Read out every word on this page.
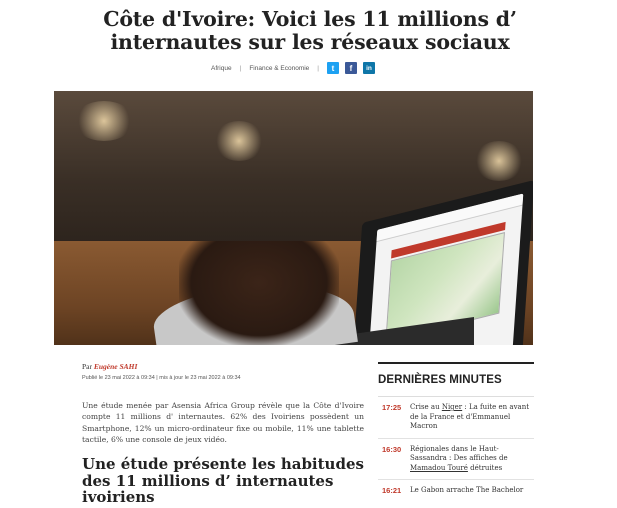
Côte d'Ivoire: Voici les 11 millions d’ internautes sur les réseaux sociaux
Afrique | Finance & Economie |	t	f	in
Par Eugène SAHI
Publié le 23 mai 2022 à 09:34 | mis à jour le 23 mai 2022 à 09:34

Une étude menée par Asensia Africa Group révèle que la Côte d'Ivoire compte 11 millions d' internautes. 62% des Ivoiriens possèdent un Smartphone, 12% un micro-ordinateur fixe ou mobile, 11% une tablette tactile, 6% une console de jeux vidéo.

Une étude présente les habitudes des 11 millions d’ internautes ivoiriens
DERNIÈRES MINUTES
17:25	Crise au Niger : La fuite en avant de la France et d'Emmanuel Macron
16:30	Régionales dans le Haut-Sassandra : Des affiches de Mamadou Touré détruites
16:21	Le Gabon arrache The Bachelor
